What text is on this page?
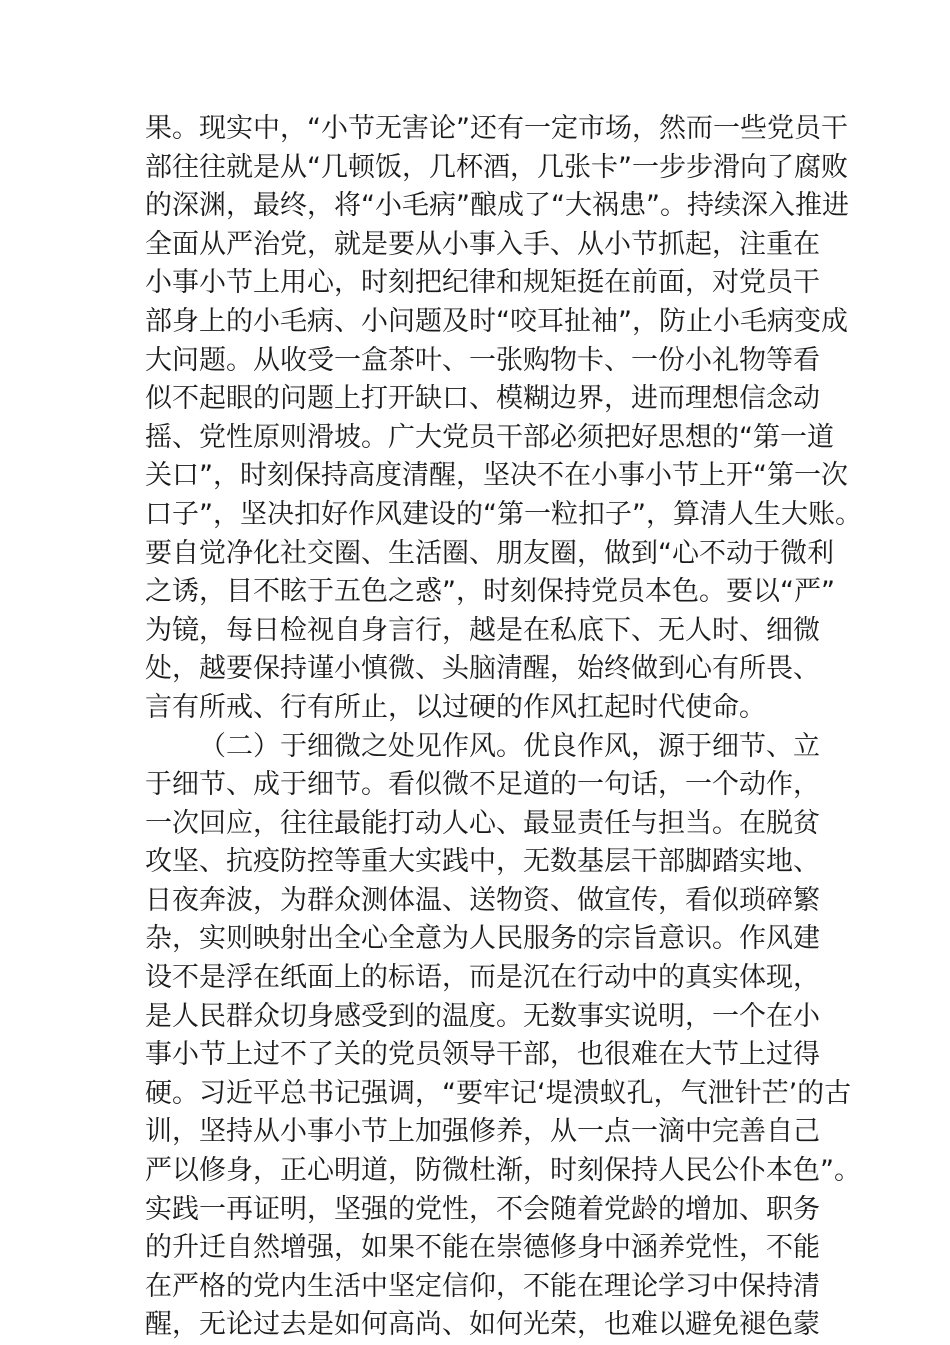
果。现实中，“小节无害论”还有一定市场，然而一些党员干
部往往就是从“几顿饭，几杯酒，几张卡”一步步滑向了腐败
的深渊，最终，将“小毛病”酿成了“大祸患”。持续深入推进
全面从严治党，就是要从小事入手、从小节抓起，注重在
小事小节上用心，时刻把纪律和规矩挺在前面，对党员干
部身上的小毛病、小问题及时“咬耳扯袖”，防止小毛病变成
大问题。从收受一盒茶叶、一张购物卡、一份小礼物等看
似不起眼的问题上打开缺口、模糊边界，进而理想信念动
摇、党性原则滑坡。广大党员干部必须把好思想的“第一道
关口”，时刻保持高度清醒，坚决不在小事小节上开“第一次
口子”，坚决扣好作风建设的“第一粒扣子”，算清人生大账。
要自觉净化社交圈、生活圈、朋友圈，做到“心不动于微利
之诱，目不眩于五色之惑”，时刻保持党员本色。要以“严”
为镜，每日检视自身言行，越是在私底下、无人时、细微
处，越要保持谨小慎微、头脑清醒，始终做到心有所畏、
言有所戒、行有所止，以过硬的作风扛起时代使命。
（二）于细微之处见作风。优良作风，源于细节、立
于细节、成于细节。看似微不足道的一句话，一个动作，
一次回应，往往最能打动人心、最显责任与担当。在脱贫
攻坚、抗疫防控等重大实践中，无数基层干部脚踏实地、
日夜奔波，为群众测体温、送物资、做宣传，看似琐碎繁
杂，实则映射出全心全意为人民服务的宗旨意识。作风建
设不是浮在纸面上的标语，而是沉在行动中的真实体现，
是人民群众切身感受到的温度。无数事实说明，一个在小
事小节上过不了关的党员领导干部，也很难在大节上过得
硬。习近平总书记强调，“要牢记‘堤溃蚁孔，气泄针芒’的古
训，坚持从小事小节上加强修养，从一点一滴中完善自己
严以修身，正心明道，防微杜渐，时刻保持人民公仆本色”。
实践一再证明，坚强的党性，不会随着党龄的增加、职务
的升迁自然增强，如果不能在崇德修身中涵养党性，不能
在严格的党内生活中坚定信仰，不能在理论学习中保持清
醒，无论过去是如何高尚、如何光荣，也难以避免褪色蒙
